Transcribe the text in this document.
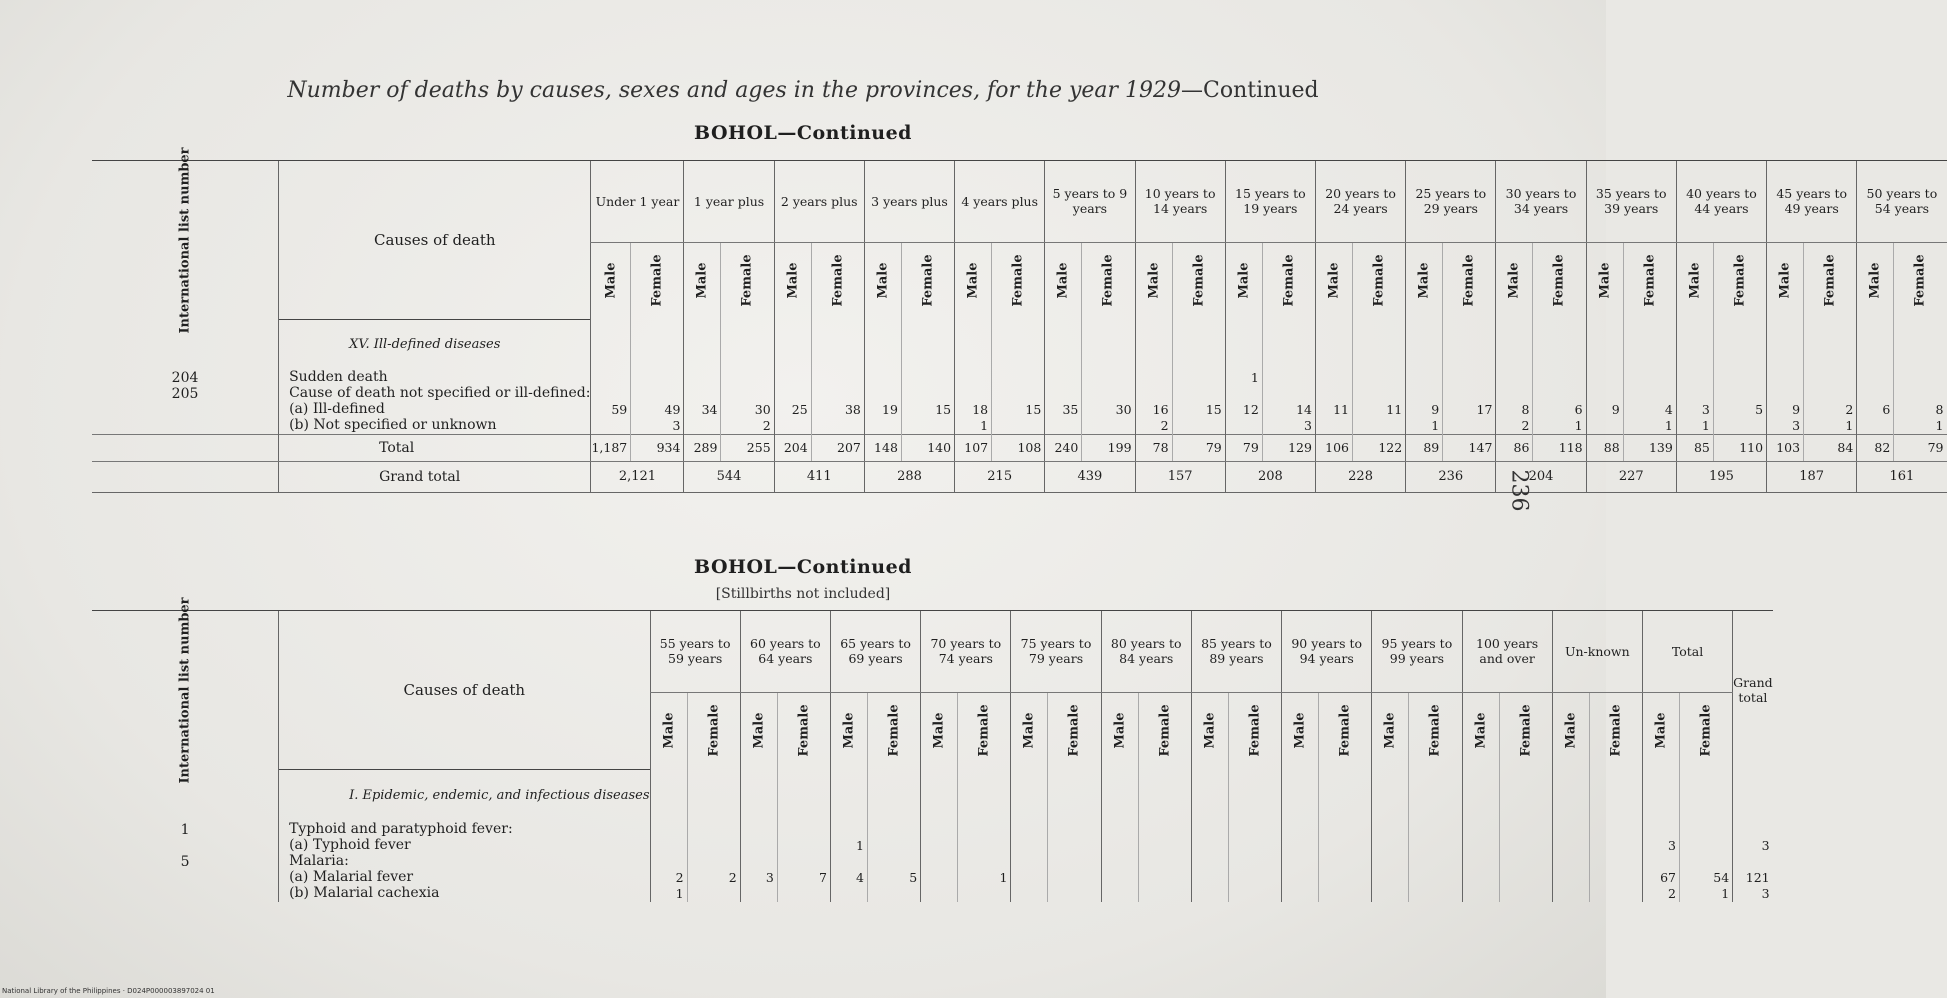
Number of deaths by causes, sexes and ages in the provinces, for the year 1929—Continued
BOHOL—Continued
International list number	Causes of death	Under 1 year		1 year plus		2 years plus		3 years plus		4 years plus		5 years to 9 years		10 years to 14 years		15 years to 19 years		20 years to 24 years		25 years to 29 years		30 years to 34 years		35 years to 39 years		40 years to 44 years		45 years to 49 years		50 years to 54 years	
		Male	Female	Male	Female	Male	Female	Male	Female	Male	Female	Male	Female	Male	Female	Male	Female	Male	Female	Male	Female	Male	Female	Male	Female	Male	Female	Male	Female	Male	Female
	XV. Ill-defined diseases																														
204	Sudden death															1															
205	Cause of death not specified or ill-defined:																														
	(a) Ill-defined	59	49	34	30	25	38	19	15	18	15	35	30	16	15	12	14	11	11	9	17	8	6	9	4	3	5	9	2	6	8
	(b) Not specified or unknown		3		2					1				2			3			1		2	1		1	1		3	1		1
	Total	1,187	934	289	255	204	207	148	140	107	108	240	199	78	79	79	129	106	122	89	147	86	118	88	139	85	110	103	84	82	79
	Grand total	2,121		544		411		288		215		439		157		208		228		236		204		227		195		187		161	
BOHOL—Continued
[Stillbirths not included]
International list number	Causes of death	55 years to 59 years		60 years to 64 years		65 years to 69 years		70 years to 74 years		75 years to 79 years		80 years to 84 years		85 years to 89 years		90 years to 94 years		95 years to 99 years		100 years and over		Un-known		Total		Grand total
		Male	Female	Male	Female	Male	Female	Male	Female	Male	Female	Male	Female	Male	Female	Male	Female	Male	Female	Male	Female	Male	Female	Male	Female	
	I. Epidemic, endemic, and infectious diseases																									
1	Typhoid and paratyphoid fever:																									
	(a) Typhoid fever					1																		3		3
5	Malaria:																									
	(a) Malarial fever	2	2	3	7	4	5		1															67	54	121
	(b) Malarial cachexia	1																						2	1	3
236
National Library of the Philippines · D024P000003897024 01
